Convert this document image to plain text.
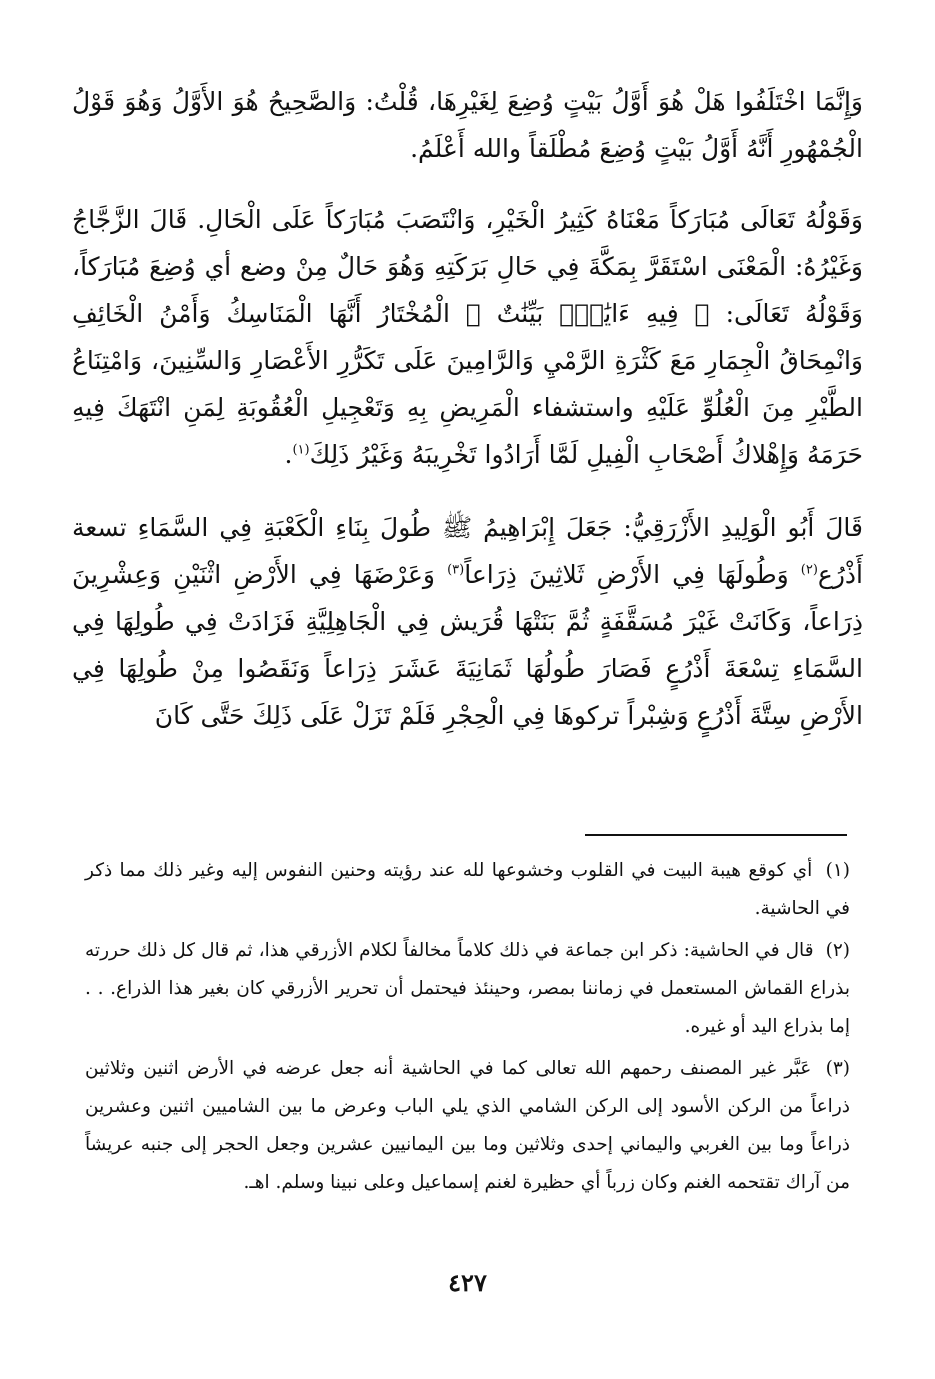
وَإِنَّمَا اخْتَلَفُوا هَلْ هُوَ أَوَّلُ بَيْتٍ وُضِعَ لِغَيْرِهَا، قُلْتُ: وَالصَّحِيحُ هُوَ الأَوَّلُ وَهُوَ قَوْلُ الْجُمْهُورِ أَنَّهُ أَوَّلُ بَيْتٍ وُضِعَ مُطْلَقاً والله أَعْلَمُ.

وَقَوْلُهُ تَعَالَى مُبَارَكاً مَعْنَاهُ كَثِيرُ الْخَيْرِ، وَانْتَصَبَ مُبَارَكاً عَلَى الْحَالِ. قَالَ الزَّجَّاجُ وَغَيْرُهُ: الْمَعْنَى اسْتَقَرَّ بِمَكَّةَ فِي حَالِ بَرَكَتِهِ وَهُوَ حَالٌ مِنْ وضع أي وُضِعَ مُبَارَكاً، وَقَوْلُهُ تَعَالَى: ﴿ فِيهِ ءَايَٰتٌۢ بَيِّنَٰتٌ ﴾ الْمُخْتَارُ أَنَّهَا الْمَنَاسِكُ وَأَمْنُ الْخَائِفِ وَانْمِحَاقُ الْجِمَارِ مَعَ كَثْرَةِ الرَّمْيِ وَالرَّامِينَ عَلَى تَكَرُّرِ الأَعْصَارِ وَالسِّنِينَ، وَامْتِنَاعُ الطَّيْرِ مِنَ الْعُلُوِّ عَلَيْهِ واستشفاء الْمَرِيضِ بِهِ وَتَعْجِيلِ الْعُقُوبَةِ لِمَنِ انْتَهَكَ فِيهِ حَرَمَهُ وَإِهْلاكُ أَصْحَابِ الْفِيلِ لَمَّا أَرَادُوا تَخْرِيبَهُ وَغَيْرُ ذَلِكَ$^{(١)}$.

قَالَ أَبُو الْوَلِيدِ الأَزْرَقِيُّ: جَعَلَ إِبْرَاهِيمُ ﷺ طُولَ بِنَاءِ الْكَعْبَةِ فِي السَّمَاءِ تسعة أَذْرُع$^{(٢)}$ وَطُولَهَا فِي الأَرْضِ ثَلاثِينَ ذِرَاعاً$^{(٣)}$ وَعَرْضَهَا فِي الأَرْضِ اثْنَيْنِ وَعِشْرِينَ ذِرَاعاً، وَكَانَتْ غَيْرَ مُسَقَّفَةٍ ثُمَّ بَنَتْهَا قُرَيش فِي الْجَاهِلِيَّةِ فَزَادَتْ فِي طُولِهَا فِي السَّمَاءِ تِسْعَةَ أَذْرُعٍ فَصَارَ طُولُهَا ثَمَانِيَةَ عَشَرَ ذِرَاعاً وَنَقَصُوا مِنْ طُولِهَا فِي الأَرْضِ سِتَّةَ أَذْرُعٍ وَشِبْراً تركوهَا فِي الْحِجْرِ فَلَمْ تَزَلْ عَلَى ذَلِكَ حَتَّى كَانَ

(١) أي كوقع هيبة البيت في القلوب وخشوعها لله عند رؤيته وحنين النفوس إليه وغير ذلك مما ذكر في الحاشية.

(٢) قال في الحاشية: ذكر ابن جماعة في ذلك كلاماً مخالفاً لكلام الأزرقي هذا، ثم قال كل ذلك حررته بذراع القماش المستعمل في زماننا بمصر، وحينئذ فيحتمل أن تحرير الأزرقي كان بغير هذا الذراع. . . إما بذراع اليد أو غيره.

(٣) عَبَّر غير المصنف رحمهم الله تعالى كما في الحاشية أنه جعل عرضه في الأرض اثنين وثلاثين ذراعاً من الركن الأسود إلى الركن الشامي الذي يلي الباب وعرض ما بين الشاميين اثنين وعشرين ذراعاً وما بين الغربي واليماني إحدى وثلاثين وما بين اليمانيين عشرين وجعل الحجر إلى جنبه عريشاً من آراك تقتحمه الغنم وكان زرباً أي حظيرة لغنم إسماعيل وعلى نبينا وسلم. اهـ.

٤٢٧
